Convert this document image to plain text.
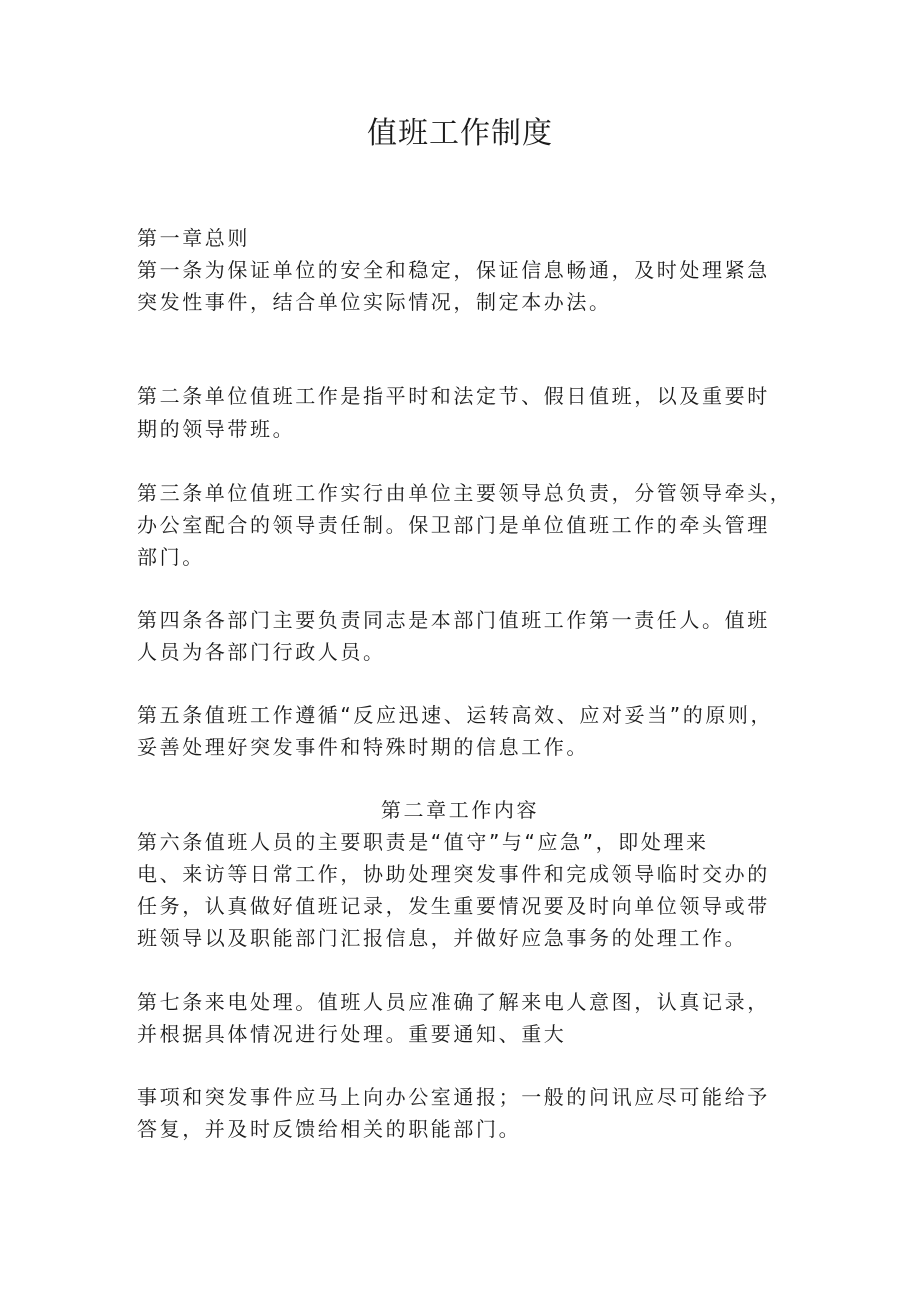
值班工作制度

第一章总则

第一条为保证单位的安全和稳定，保证信息畅通，及时处理紧急

突发性事件，结合单位实际情况，制定本办法。

第二条单位值班工作是指平时和法定节、假日值班，以及重要时

期的领导带班。

第三条单位值班工作实行由单位主要领导总负责，分管领导牵头，

办公室配合的领导责任制。保卫部门是单位值班工作的牵头管理

部门。

第四条各部门主要负责同志是本部门值班工作第一责任人。值班

人员为各部门行政人员。

第五条值班工作遵循“反应迅速、运转高效、应对妥当”的原则，

妥善处理好突发事件和特殊时期的信息工作。

第二章工作内容

第六条值班人员的主要职责是“值守”与“应急”，即处理来

电、来访等日常工作，协助处理突发事件和完成领导临时交办的

任务，认真做好值班记录，发生重要情况要及时向单位领导或带

班领导以及职能部门汇报信息，并做好应急事务的处理工作。

第七条来电处理。值班人员应准确了解来电人意图，认真记录，

并根据具体情况进行处理。重要通知、重大

事项和突发事件应马上向办公室通报；一般的问讯应尽可能给予

答复，并及时反馈给相关的职能部门。
